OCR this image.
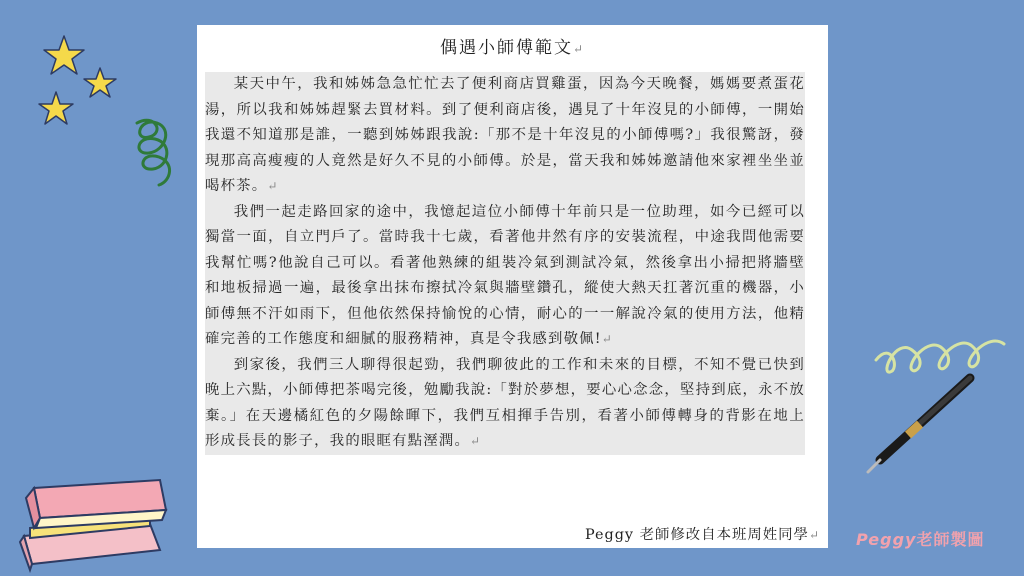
偶遇小師傅範文↵

某天中午，我和姊姊急急忙忙去了便利商店買雞蛋，因為今天晚餐，媽媽要煮蛋花湯，所以我和姊姊趕緊去買材料。到了便利商店後，遇見了十年沒見的小師傅，一開始我還不知道那是誰，一聽到姊姊跟我說:「那不是十年沒見的小師傅嗎?」我很驚訝，發現那高高瘦瘦的人竟然是好久不見的小師傅。於是，當天我和姊姊邀請他來家裡坐坐並喝杯茶。↵

我們一起走路回家的途中，我憶起這位小師傅十年前只是一位助理，如今已經可以獨當一面，自立門戶了。當時我十七歲，看著他井然有序的安裝流程，中途我問他需要我幫忙嗎?他說自己可以。看著他熟練的組裝冷氣到測試冷氣，然後拿出小掃把將牆壁和地板掃過一遍，最後拿出抹布擦拭冷氣與牆壁鑽孔，縱使大熱天扛著沉重的機器，小師傅無不汗如雨下，但他依然保持愉悅的心情，耐心的一一解說冷氣的使用方法，他精確完善的工作態度和細膩的服務精神，真是令我感到敬佩!↵

到家後，我們三人聊得很起勁，我們聊彼此的工作和未來的目標，不知不覺已快到晚上六點，小師傅把茶喝完後，勉勵我說:「對於夢想，要心心念念，堅持到底，永不放棄。」在天邊橘紅色的夕陽餘暉下，我們互相揮手告別，看著小師傅轉身的背影在地上形成長長的影子，我的眼眶有點溼潤。↵

Peggy 老師修改自本班周姓同學↵ Peggy老師製圖
